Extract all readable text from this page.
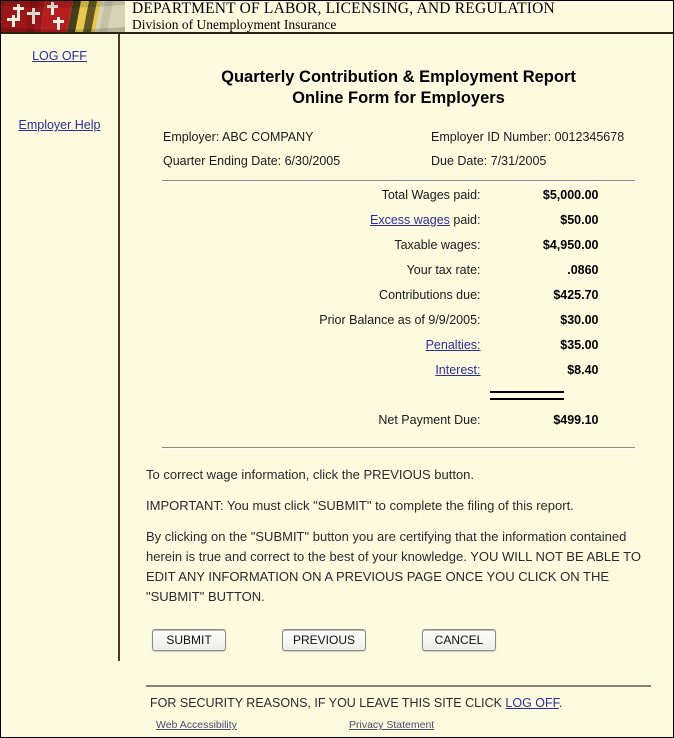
DEPARTMENT OF LABOR, LICENSING, AND REGULATION
Division of Unemployment Insurance
LOG OFF
Employer Help
Quarterly Contribution & Employment Report
Online Form for Employers
Employer: ABC COMPANY	Employer ID Number: 0012345678
Quarter Ending Date: 6/30/2005	Due Date: 7/31/2005
Total Wages paid:	$5,000.00
Excess wages paid:	$50.00
Taxable wages:	$4,950.00
Your tax rate:	.0860
Contributions due:	$425.70
Prior Balance as of 9/9/2005:	$30.00
Penalties:	$35.00
Interest:	$8.40

Net Payment Due:	$499.10

To correct wage information, click the PREVIOUS button.

IMPORTANT: You must click "SUBMIT" to complete the filing of this report.

By clicking on the "SUBMIT" button you are certifying that the information contained herein is true and correct to the best of your knowledge. YOU WILL NOT BE ABLE TO EDIT ANY INFORMATION ON A PREVIOUS PAGE ONCE YOU CLICK ON THE "SUBMIT" BUTTON.

SUBMIT	PREVIOUS	CANCEL
FOR SECURITY REASONS, IF YOU LEAVE THIS SITE CLICK LOG OFF.
Web Accessibility	Privacy Statement
